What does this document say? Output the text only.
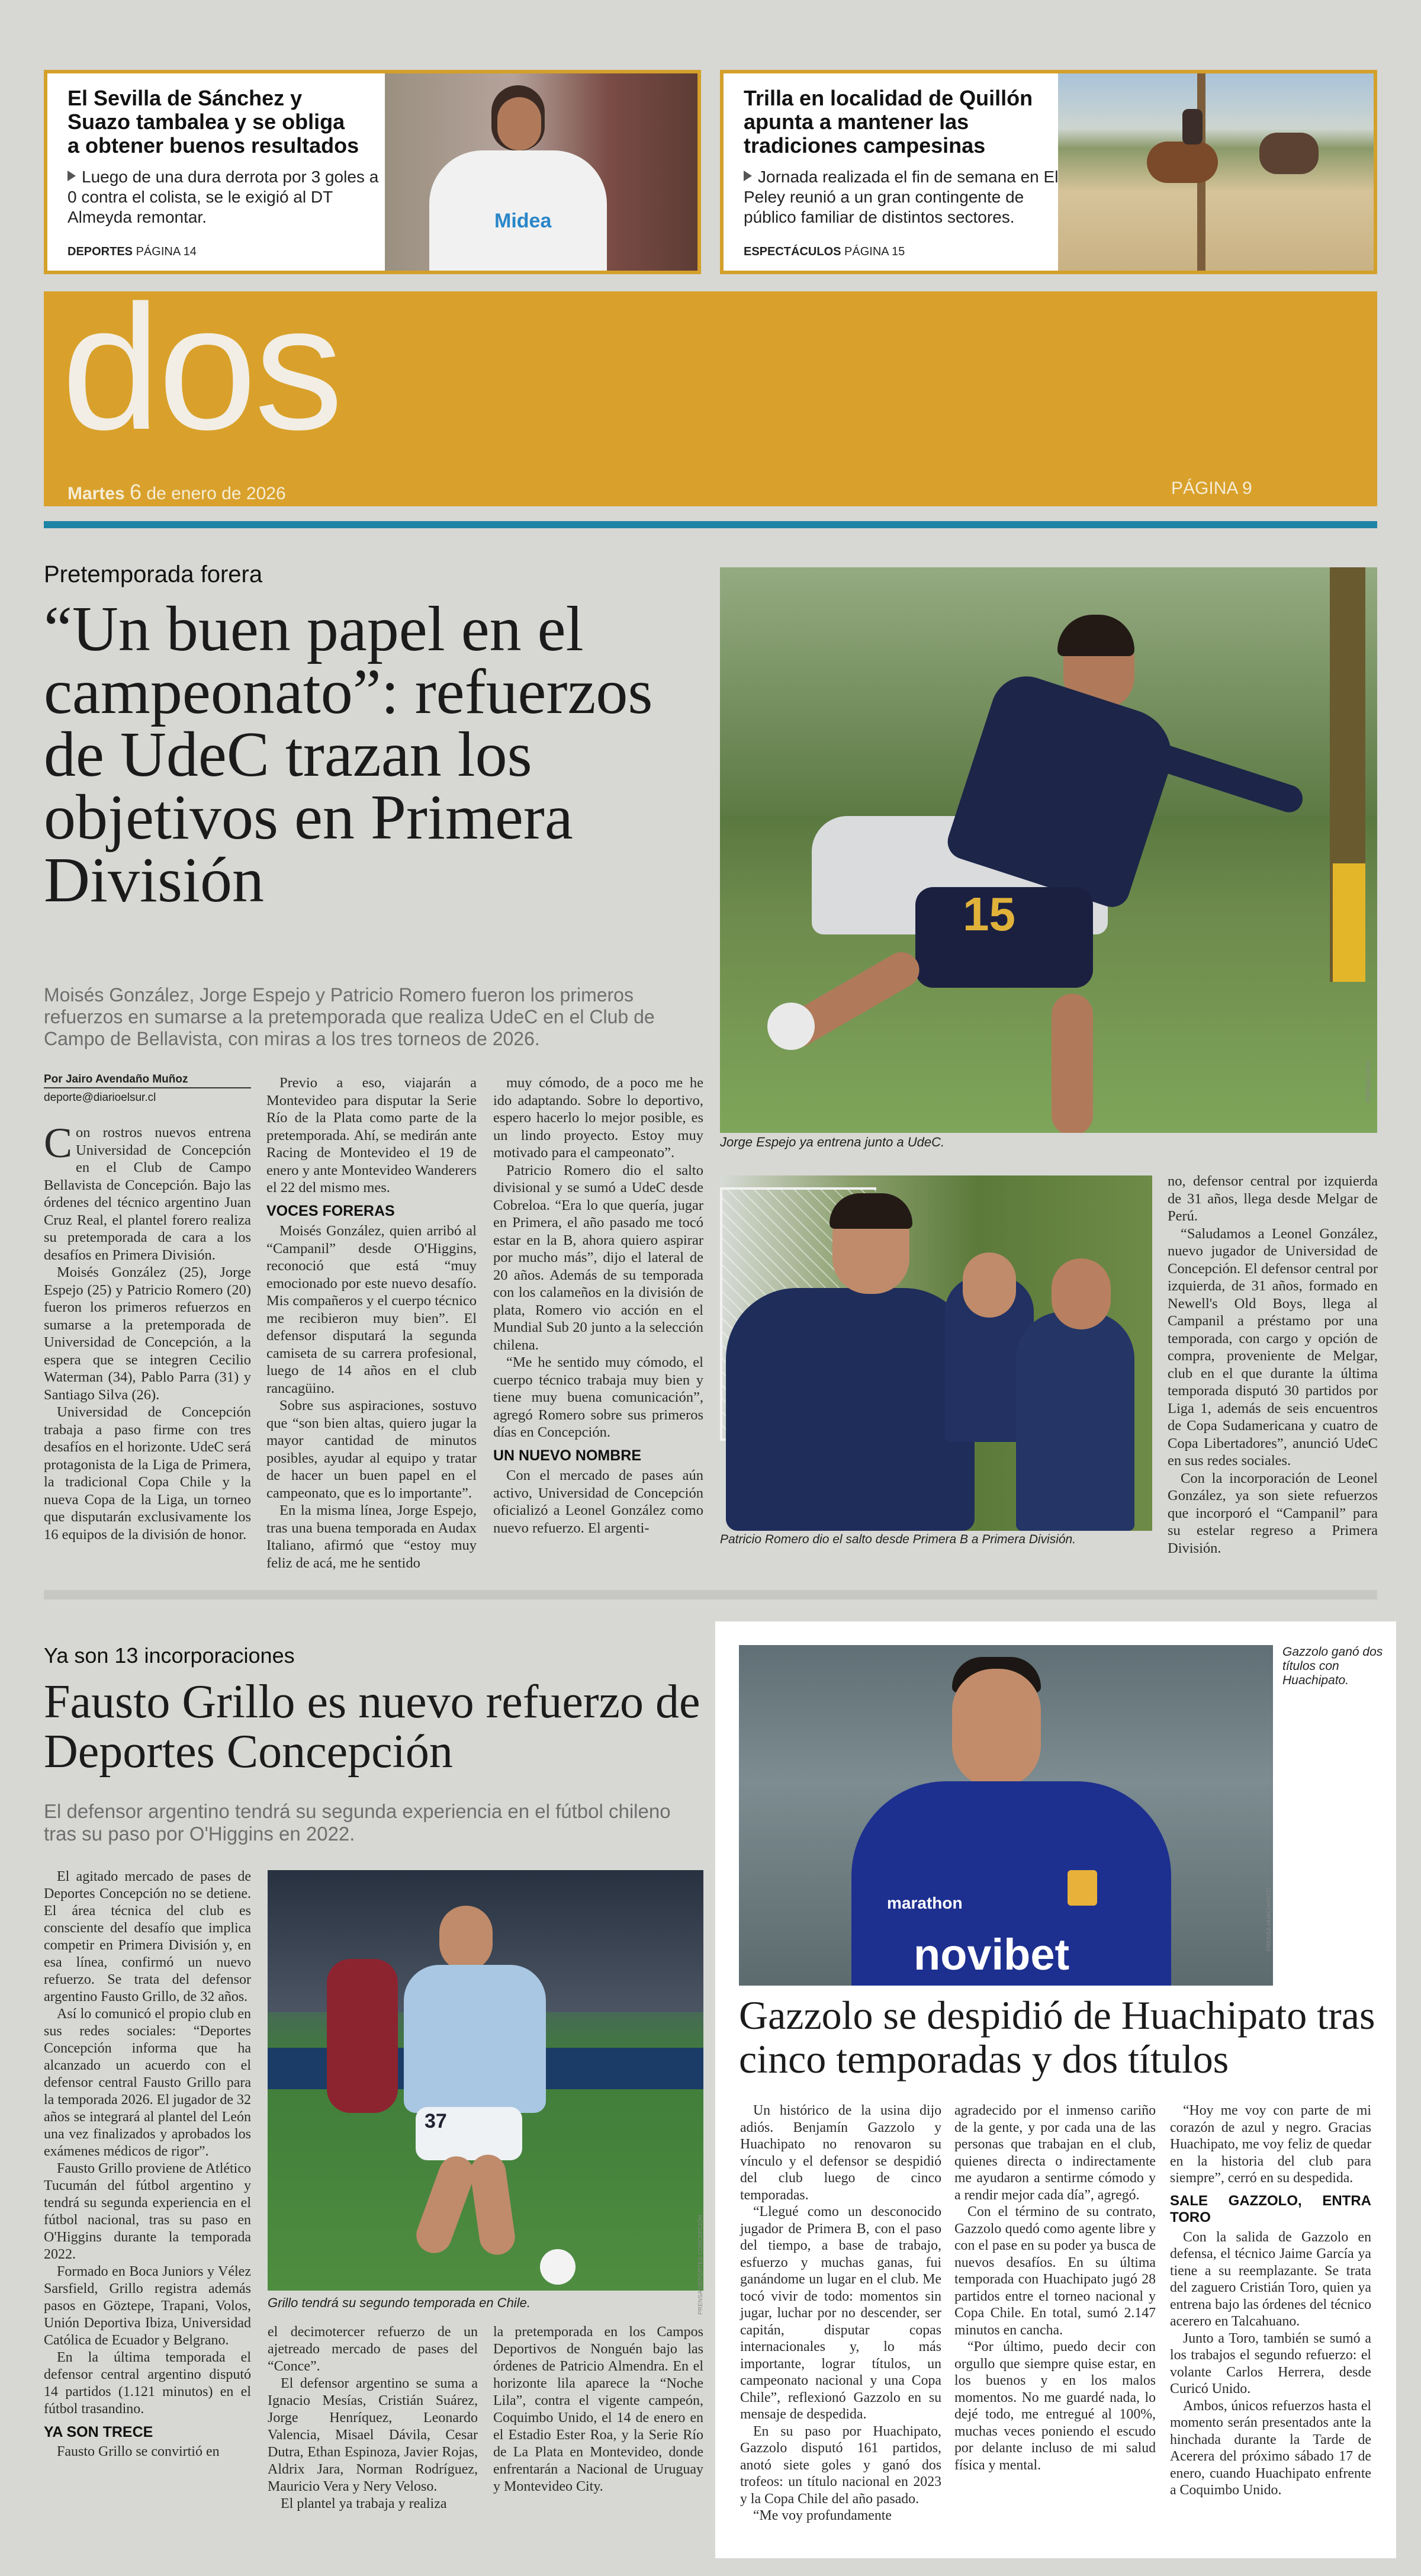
El Sevilla de Sánchez y
Suazo tambalea y se obliga
a obtener buenos resultados
Luego de una dura derrota por 3 goles a 0 contra el colista, se le exigió al DT Almeyda remontar.
DEPORTES PÁGINA 14
Midea
Trilla en localidad de Quillón
apunta a mantener las
tradiciones campesinas
Jornada realizada el fin de semana en El Peley reunió a un gran contingente de público familiar de distintos sectores.
ESPECTÁCULOS PÁGINA 15
dos
Martes 6 de enero de 2026	PÁGINA 9
Pretemporada forera
“Un buen papel en el campeonato”: refuerzos de UdeC trazan los objetivos en Primera División
Moisés González, Jorge Espejo y Patricio Romero fueron los primeros refuerzos en sumarse a la pretemporada que realiza UdeC en el Club de Campo de Bellavista, con miras a los tres torneos de 2026.
Por Jairo Avendaño Muñoz
deporte@diarioelsur.cl

Con rostros nuevos entrena Universidad de Concepción en el Club de Campo Bellavista de Concepción. Bajo las órdenes del técnico argentino Juan Cruz Real, el plantel forero realiza su pretemporada de cara a los desafíos en Primera División.

Moisés González (25), Jorge Espejo (25) y Patricio Romero (20) fueron los primeros refuerzos en sumarse a la pretemporada de Universidad de Concepción, a la espera que se integren Cecilio Waterman (34), Pablo Parra (31) y Santiago Silva (26).

Universidad de Concepción trabaja a paso firme con tres desafíos en el horizonte. UdeC será protagonista de la Liga de Primera, la tradicional Copa Chile y la nueva Copa de la Liga, un torneo que disputarán exclusivamente los 16 equipos de la división de honor.

Previo a eso, viajarán a Montevideo para disputar la Serie Río de la Plata como parte de la pretemporada. Ahí, se medirán ante Racing de Montevideo el 19 de enero y ante Montevideo Wanderers el 22 del mismo mes.

VOCES FORERAS

Moisés González, quien arribó al “Campanil” desde O'Higgins, reconoció que está “muy emocionado por este nuevo desafío. Mis compañeros y el cuerpo técnico me recibieron muy bien”. El defensor disputará la segunda camiseta de su carrera profesional, luego de 14 años en el club rancagüino.

Sobre sus aspiraciones, sostuvo que “son bien altas, quiero jugar la mayor cantidad de minutos posibles, ayudar al equipo y tratar de hacer un buen papel en el campeonato, que es lo importante”.

En la misma línea, Jorge Espejo, tras una buena temporada en Audax Italiano, afirmó que “estoy muy feliz de acá, me he sentido

muy cómodo, de a poco me he ido adaptando. Sobre lo deportivo, espero hacerlo lo mejor posible, es un lindo proyecto. Estoy muy motivado para el campeonato”.

Patricio Romero dio el salto divisional y se sumó a UdeC desde Cobreloa. “Era lo que quería, jugar en Primera, el año pasado me tocó estar en la B, ahora quiero aspirar por mucho más”, dijo el lateral de 20 años. Además de su temporada con los calameños en la división de plata, Romero vio acción en el Mundial Sub 20 junto a la selección chilena.

“Me he sentido muy cómodo, el cuerpo técnico trabaja muy bien y tiene muy buena comunicación”, agregó Romero sobre sus primeros días en Concepción.

UN NUEVO NOMBRE

Con el mercado de pases aún activo, Universidad de Concepción oficializó a Leonel González como nuevo refuerzo. El argenti-

15
Jorge Espejo ya entrena junto a UdeC.
PRENSA UDEC
Patricio Romero dio el salto desde Primera B a Primera División.

no, defensor central por izquierda de 31 años, llega desde Melgar de Perú.

“Saludamos a Leonel González, nuevo jugador de Universidad de Concepción. El defensor central por izquierda, de 31 años, formado en Newell's Old Boys, llega al Campanil a préstamo por una temporada, con cargo y opción de compra, proveniente de Melgar, club en el que durante la última temporada disputó 30 partidos por Liga 1, además de seis encuentros de Copa Sudamericana y cuatro de Copa Libertadores”, anunció UdeC en sus redes sociales.

Con la incorporación de Leonel González, ya son siete refuerzos que incorporó el “Campanil” para su estelar regreso a Primera División.

Ya son 13 incorporaciones
Fausto Grillo es nuevo refuerzo de Deportes Concepción
El defensor argentino tendrá su segunda experiencia en el fútbol chileno tras su paso por O'Higgins en 2022.

El agitado mercado de pases de Deportes Concepción no se detiene. El área técnica del club es consciente del desafío que implica competir en Primera División y, en esa línea, confirmó un nuevo refuerzo. Se trata del defensor argentino Fausto Grillo, de 32 años.

Así lo comunicó el propio club en sus redes sociales: “Deportes Concepción informa que ha alcanzado un acuerdo con el defensor central Fausto Grillo para la temporada 2026. El jugador de 32 años se integrará al plantel del León una vez finalizados y aprobados los exámenes médicos de rigor”.

Fausto Grillo proviene de Atlético Tucumán del fútbol argentino y tendrá su segunda experiencia en el fútbol nacional, tras su paso en O'Higgins durante la temporada 2022.

Formado en Boca Juniors y Vélez Sarsfield, Grillo registra además pasos en Göztepe, Trapani, Volos, Unión Deportiva Ibiza, Universidad Católica de Ecuador y Belgrano.

En la última temporada el defensor central argentino disputó 14 partidos (1.121 minutos) en el fútbol trasandino.

YA SON TRECE

Fausto Grillo se convirtió en

37
Grillo tendrá su segundo temporada en Chile.	PRENSA DEPORTES CONCEPCIÓN

el decimotercer refuerzo de un ajetreado mercado de pases del “Conce”.

El defensor argentino se suma a Ignacio Mesías, Cristián Suárez, Jorge Henríquez, Leonardo Valencia, Misael Dávila, Cesar Dutra, Ethan Espinoza, Javier Rojas, Aldrix Jara, Norman Rodríguez, Mauricio Vera y Nery Veloso.

El plantel ya trabaja y realiza

la pretemporada en los Campos Deportivos de Nonguén bajo las órdenes de Patricio Almendra. En el horizonte lila aparece la “Noche Lila”, contra el vigente campeón, Coquimbo Unido, el 14 de enero en el Estadio Ester Roa, y la Serie Río de La Plata en Montevideo, donde enfrentarán a Nacional de Uruguay y Montevideo City.

novibet
marathon	PRENSA HUACHIPATO
Gazzolo ganó dos títulos con Huachipato.
Gazzolo se despidió de Huachipato tras cinco temporadas y dos títulos

Un histórico de la usina dijo adiós. Benjamín Gazzolo y Huachipato no renovaron su vínculo y el defensor se despidió del club luego de cinco temporadas.

“Llegué como un desconocido jugador de Primera B, con el paso del tiempo, a base de trabajo, esfuerzo y muchas ganas, fui ganándome un lugar en el club. Me tocó vivir de todo: momentos sin jugar, luchar por no descender, ser capitán, disputar copas internacionales y, lo más importante, lograr títulos, un campeonato nacional y una Copa Chile”, reflexionó Gazzolo en su mensaje de despedida.

En su paso por Huachipato, Gazzolo disputó 161 partidos, anotó siete goles y ganó dos trofeos: un título nacional en 2023 y la Copa Chile del año pasado.

“Me voy profundamente

agradecido por el inmenso cariño de la gente, y por cada una de las personas que trabajan en el club, quienes directa o indirectamente me ayudaron a sentirme cómodo y a rendir mejor cada día”, agregó.

Con el término de su contrato, Gazzolo quedó como agente libre y con el pase en su poder ya busca de nuevos desafíos. En su última temporada con Huachipato jugó 28 partidos entre el torneo nacional y Copa Chile. En total, sumó 2.147 minutos en cancha.

“Por último, puedo decir con orgullo que siempre quise estar, en los buenos y en los malos momentos. No me guardé nada, lo dejé todo, me entregué al 100%, muchas veces poniendo el escudo por delante incluso de mi salud física y mental.

“Hoy me voy con parte de mi corazón de azul y negro. Gracias Huachipato, me voy feliz de quedar en la historia del club para siempre”, cerró en su despedida.

SALE GAZZOLO, ENTRA TORO

Con la salida de Gazzolo en defensa, el técnico Jaime García ya tiene a su reemplazante. Se trata del zaguero Cristián Toro, quien ya entrena bajo las órdenes del técnico acerero en Talcahuano.

Junto a Toro, también se sumó a los trabajos el segundo refuerzo: el volante Carlos Herrera, desde Curicó Unido.

Ambos, únicos refuerzos hasta el momento serán presentados ante la hinchada durante la Tarde de Acerera del próximo sábado 17 de enero, cuando Huachipato enfrente a Coquimbo Unido.
